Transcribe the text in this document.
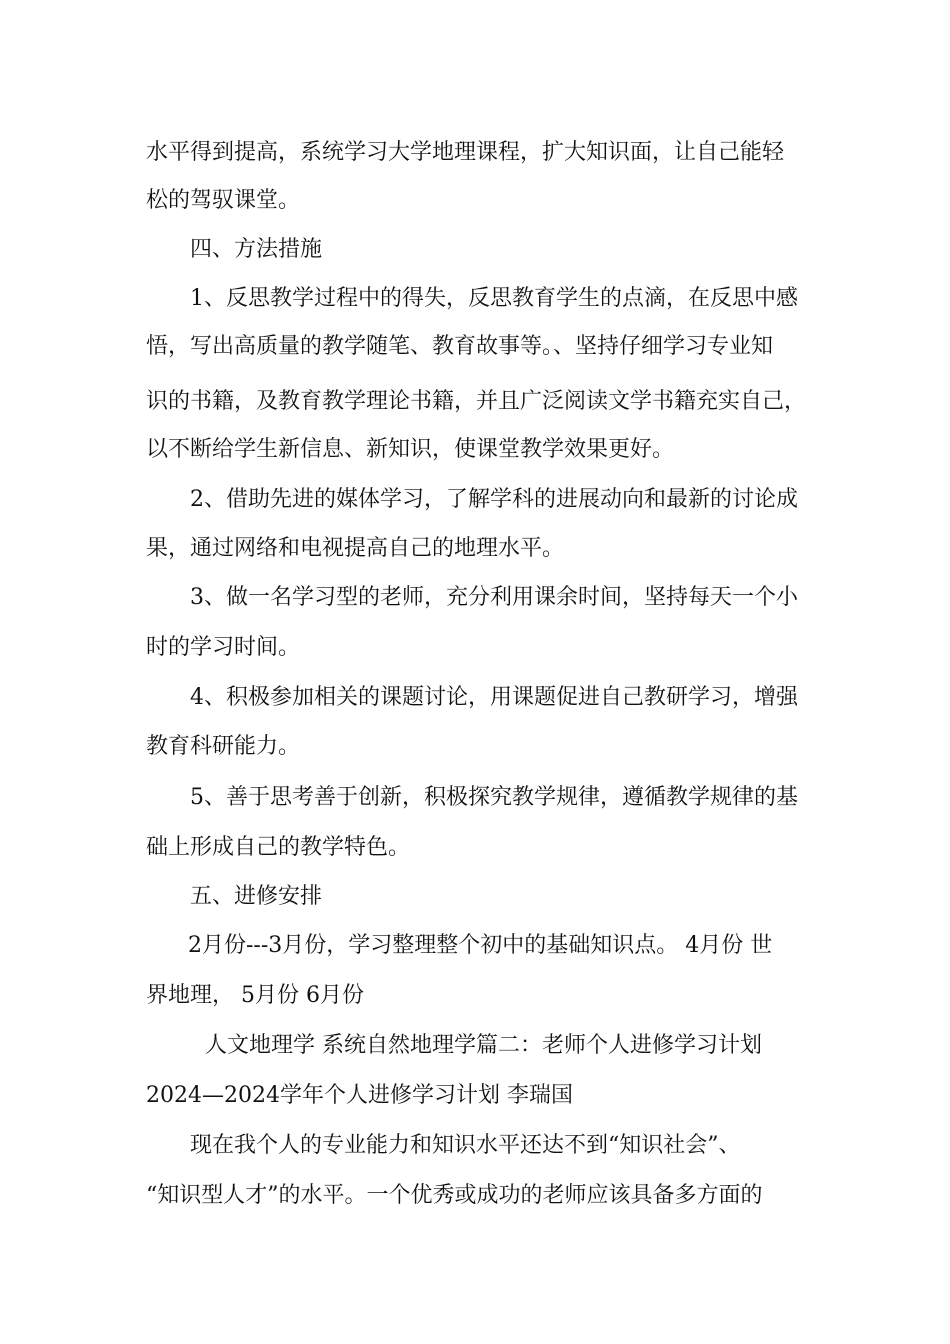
水平得到提高，系统学习大学地理课程，扩大知识面，让自己能轻
松的驾驭课堂。
四、方法措施
1、反思教学过程中的得失，反思教育学生的点滴，在反思中感
悟，写出高质量的教学随笔、教育故事等。、坚持仔细学习专业知
识的书籍，及教育教学理论书籍，并且广泛阅读文学书籍充实自己，
以不断给学生新信息、新知识，使课堂教学效果更好。
2、借助先进的媒体学习，了解学科的进展动向和最新的讨论成
果，通过网络和电视提高自己的地理水平。
3、做一名学习型的老师，充分利用课余时间，坚持每天一个小
时的学习时间。
4、积极参加相关的课题讨论，用课题促进自己教研学习，增强
教育科研能力。
5、善于思考善于创新，积极探究教学规律，遵循教学规律的基
础上形成自己的教学特色。
五、进修安排
2月份---3月份，学习整理整个初中的基础知识点。 4月份 世
界地理， 5月份 6月份
人文地理学 系统自然地理学篇二：老师个人进修学习计划
2024—2024学年个人进修学习计划 李瑞国
现在我个人的专业能力和知识水平还达不到“知识社会”、
“知识型人才”的水平。一个优秀或成功的老师应该具备多方面的
